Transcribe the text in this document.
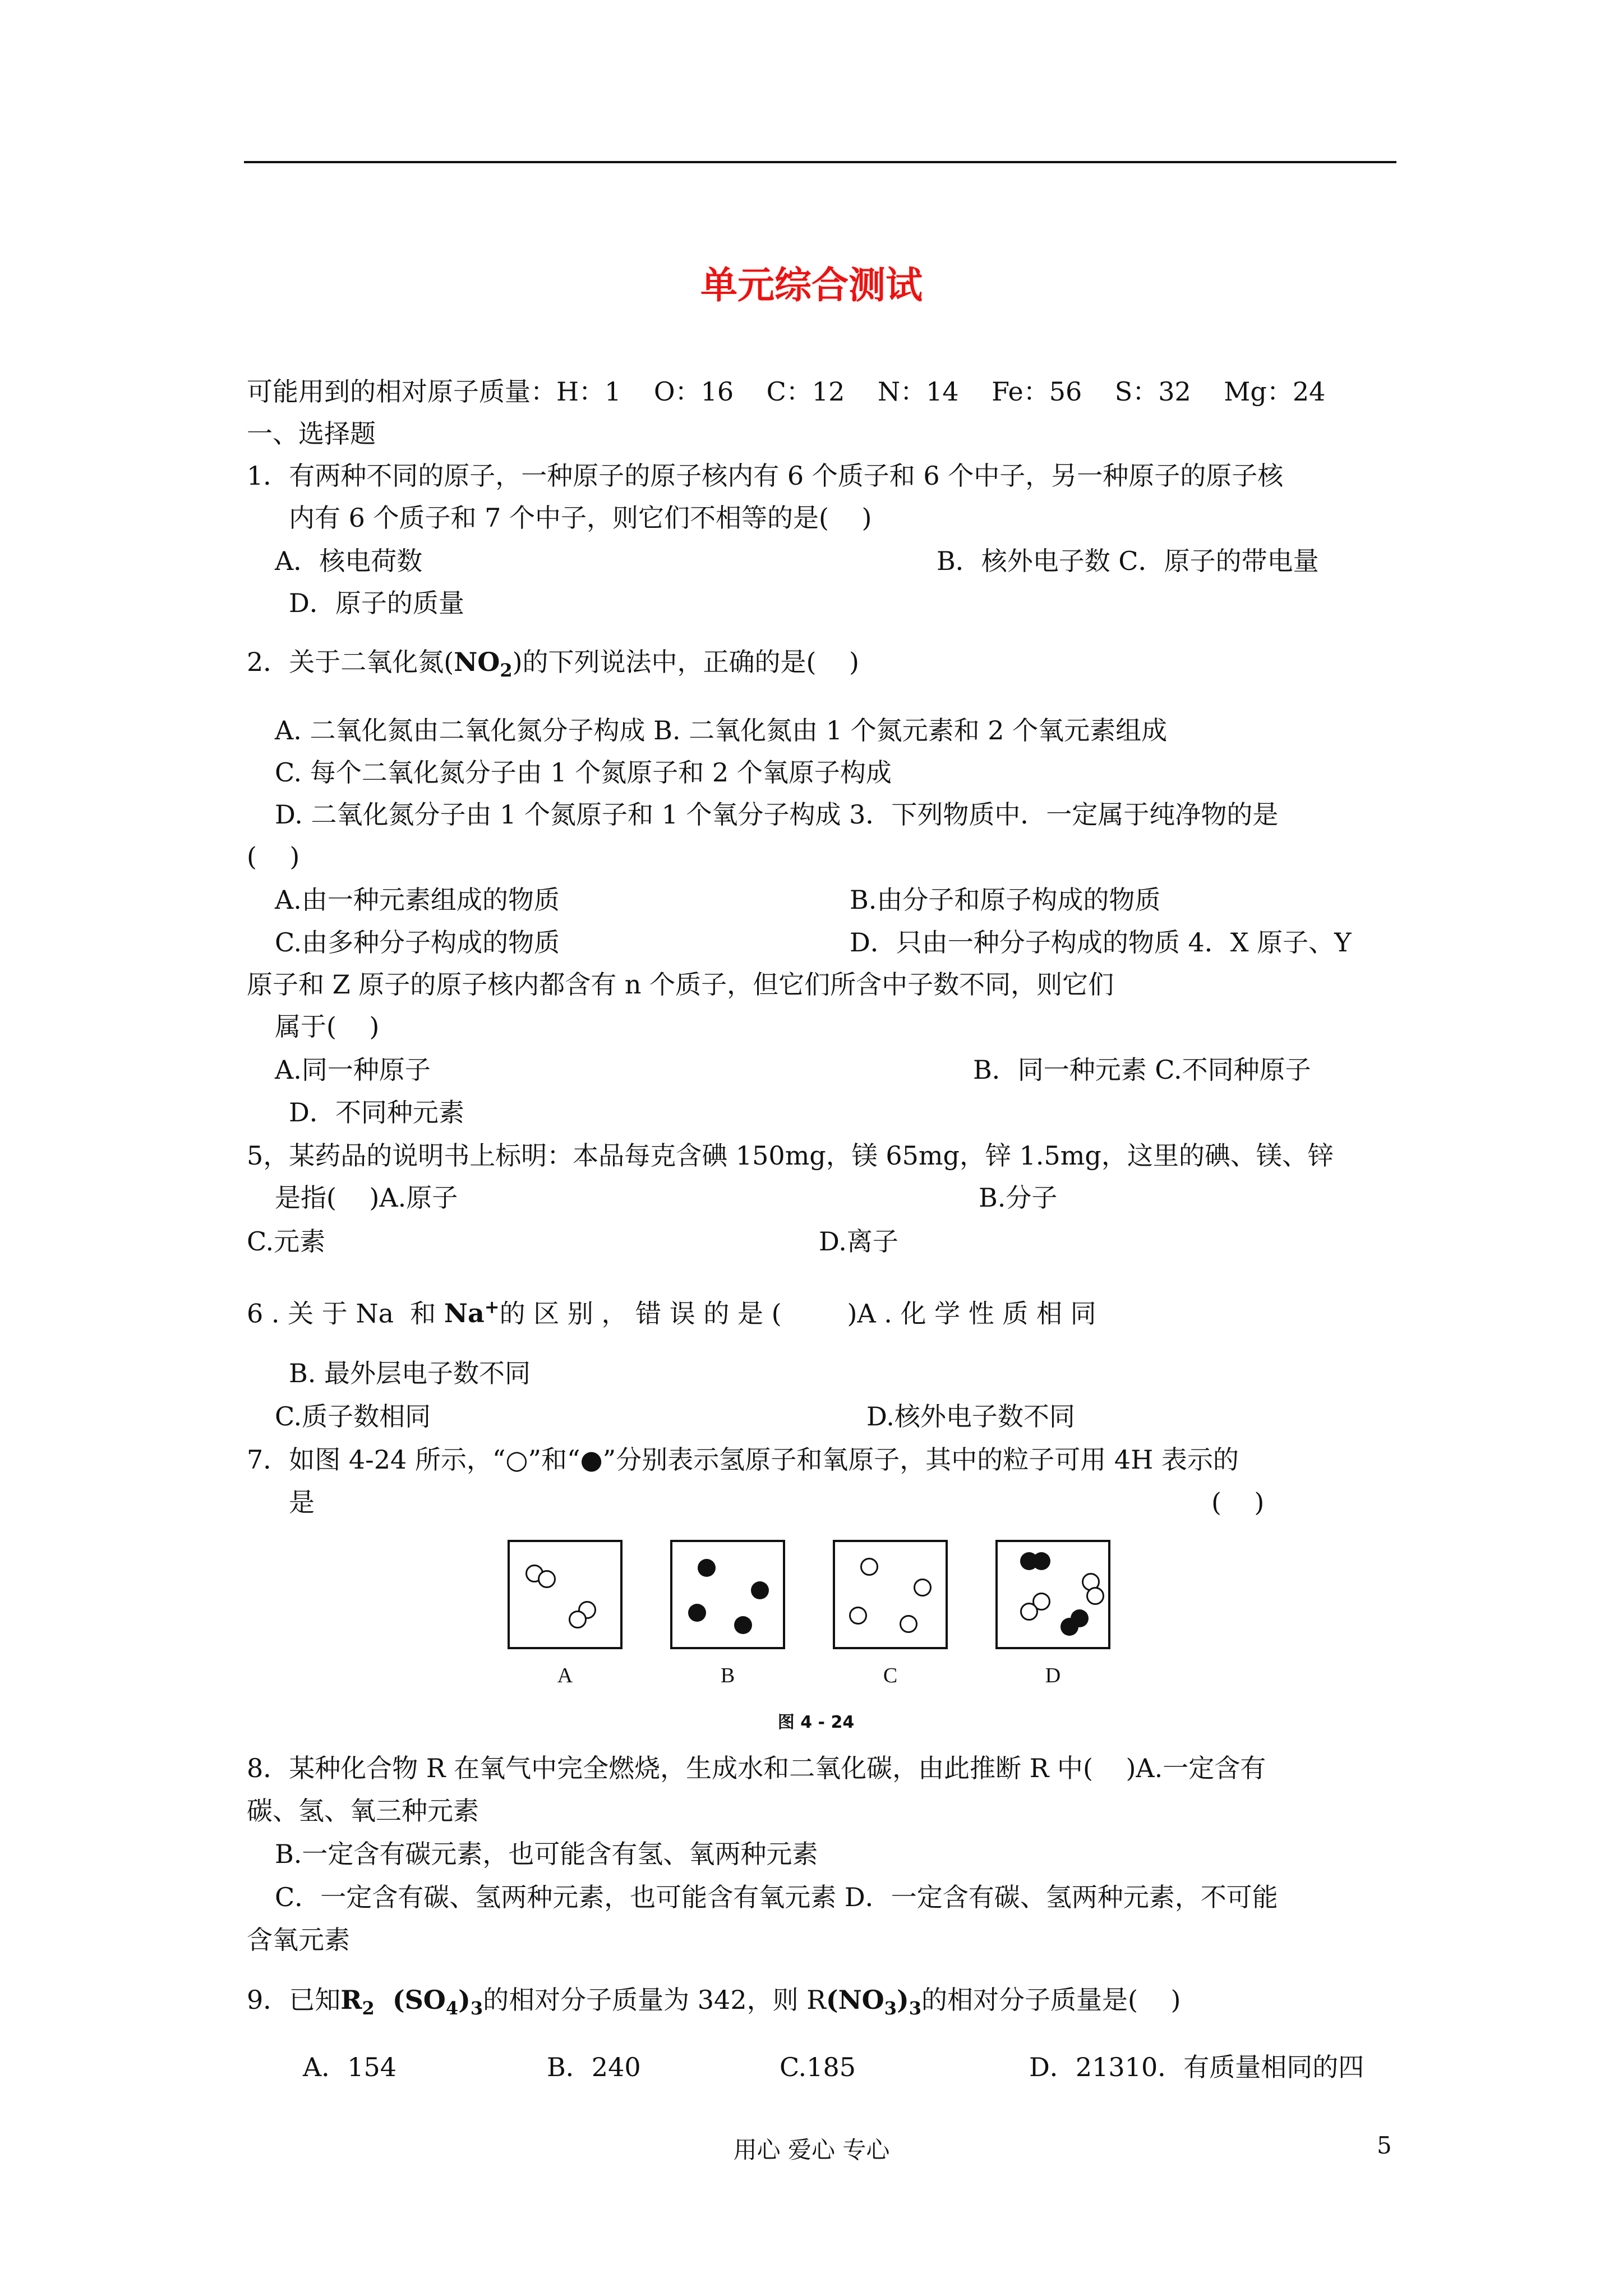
单元综合测试
可能用到的相对原子质量：H：1    O：16    C：12    N：14    Fe：56    S：32    Mg：24
一、选择题
1．有两种不同的原子，一种原子的原子核内有 6 个质子和 6 个中子，另一种原子的原子核
内有 6 个质子和 7 个中子，则它们不相等的是(    )
A．核电荷数	B．核外电子数 C．原子的带电量
D．原子的质量
2．关于二氧化氮$(NO_2)$的下列说法中，正确的是(    )
A. 二氧化氮由二氧化氮分子构成 B. 二氧化氮由 1 个氮元素和 2 个氧元素组成
C. 每个二氧化氮分子由 1 个氮原子和 2 个氧原子构成
D. 二氧化氮分子由 1 个氮原子和 1 个氧分子构成 3．下列物质中．一定属于纯净物的是
(    )
A.由一种元素组成的物质	B.由分子和原子构成的物质
C.由多种分子构成的物质	D．只由一种分子构成的物质 4．X 原子、Y
原子和 Z 原子的原子核内都含有 n 个质子，但它们所含中子数不同，则它们
属于(    )
A.同一种原子	B．同一种元素 C.不同种原子
D．不同种元素
5，某药品的说明书上标明：本品每克含碘 150mg，镁 65mg，锌 1.5mg，这里的碘、镁、锌
是指(    )A.原子	B.分子
C.元素	D.离子
6 . 关 于 Na  和 Na+的 区 别 ， 错 误 的 是 (        )A . 化 学 性 质 相 同
B. 最外层电子数不同
C.质子数相同	D.核外电子数不同
7．如图 4-24 所示，“○”和“●”分别表示氢原子和氧原子，其中的粒子可用 4H 表示的
是	(    )
A	B	C	D
图 4 - 24
8．某种化合物 R 在氧气中完全燃烧，生成水和二氧化碳，由此推断 R 中(    )A.一定含有
碳、氢、氧三种元素
B.一定含有碳元素，也可能含有氢、氧两种元素
C．一定含有碳、氢两种元素，也可能含有氧元素 D．一定含有碳、氢两种元素，不可能
含氧元素
9．已知$R_2$ $(SO_4)_3$的相对分子质量为 342，则 $R(NO_3)_3$的相对分子质量是(    )
A．154	B．240	C.185	D．21310．有质量相同的四
用心 爱心 专心	5
